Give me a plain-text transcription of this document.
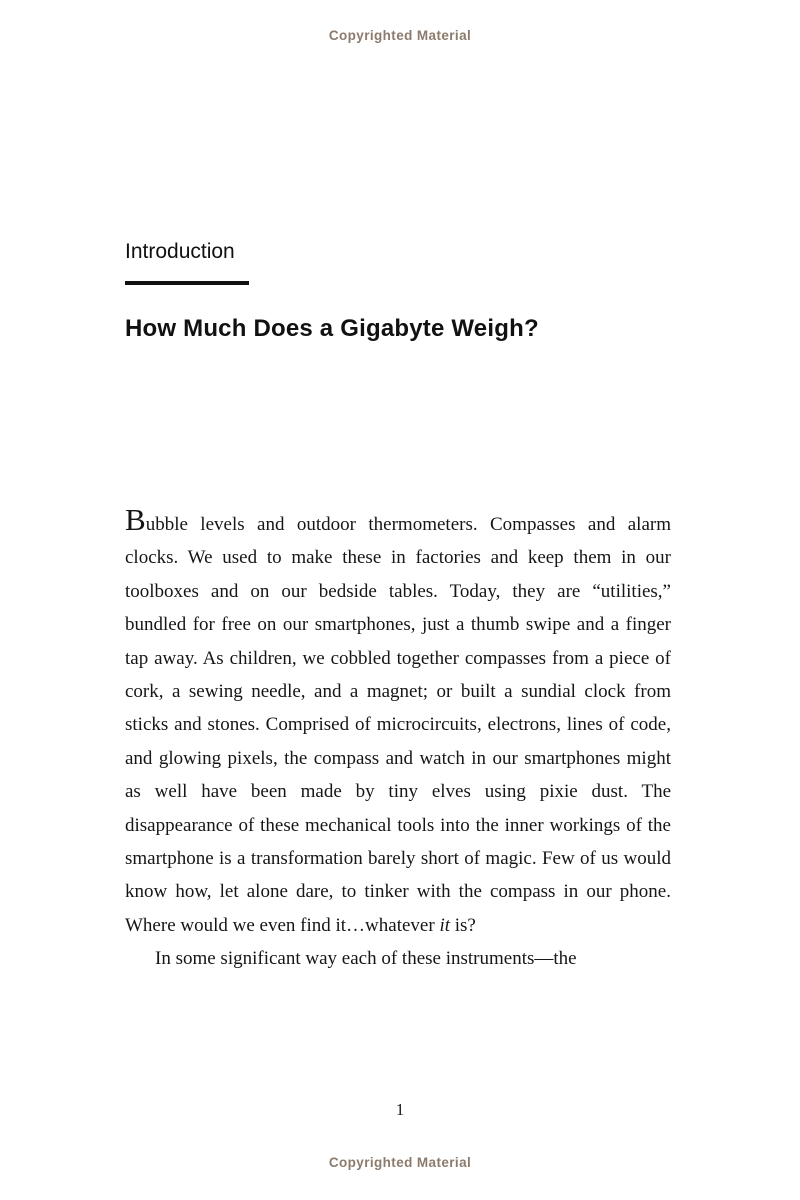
Copyrighted Material
Introduction
How Much Does a Gigabyte Weigh?

Bubble levels and outdoor thermometers. Compasses and alarm clocks. We used to make these in factories and keep them in our toolboxes and on our bedside tables. Today, they are “utilities,” bundled for free on our smartphones, just a thumb swipe and a finger tap away. As children, we cobbled together compasses from a piece of cork, a sewing needle, and a magnet; or built a sundial clock from sticks and stones. Comprised of microcircuits, electrons, lines of code, and glowing pixels, the compass and watch in our smartphones might as well have been made by tiny elves using pixie dust. The disappearance of these mechanical tools into the inner workings of the smartphone is a transformation barely short of magic. Few of us would know how, let alone dare, to tinker with the compass in our phone. Where would we even find it…whatever it is?

In some significant way each of these instruments—the

1
Copyrighted Material
